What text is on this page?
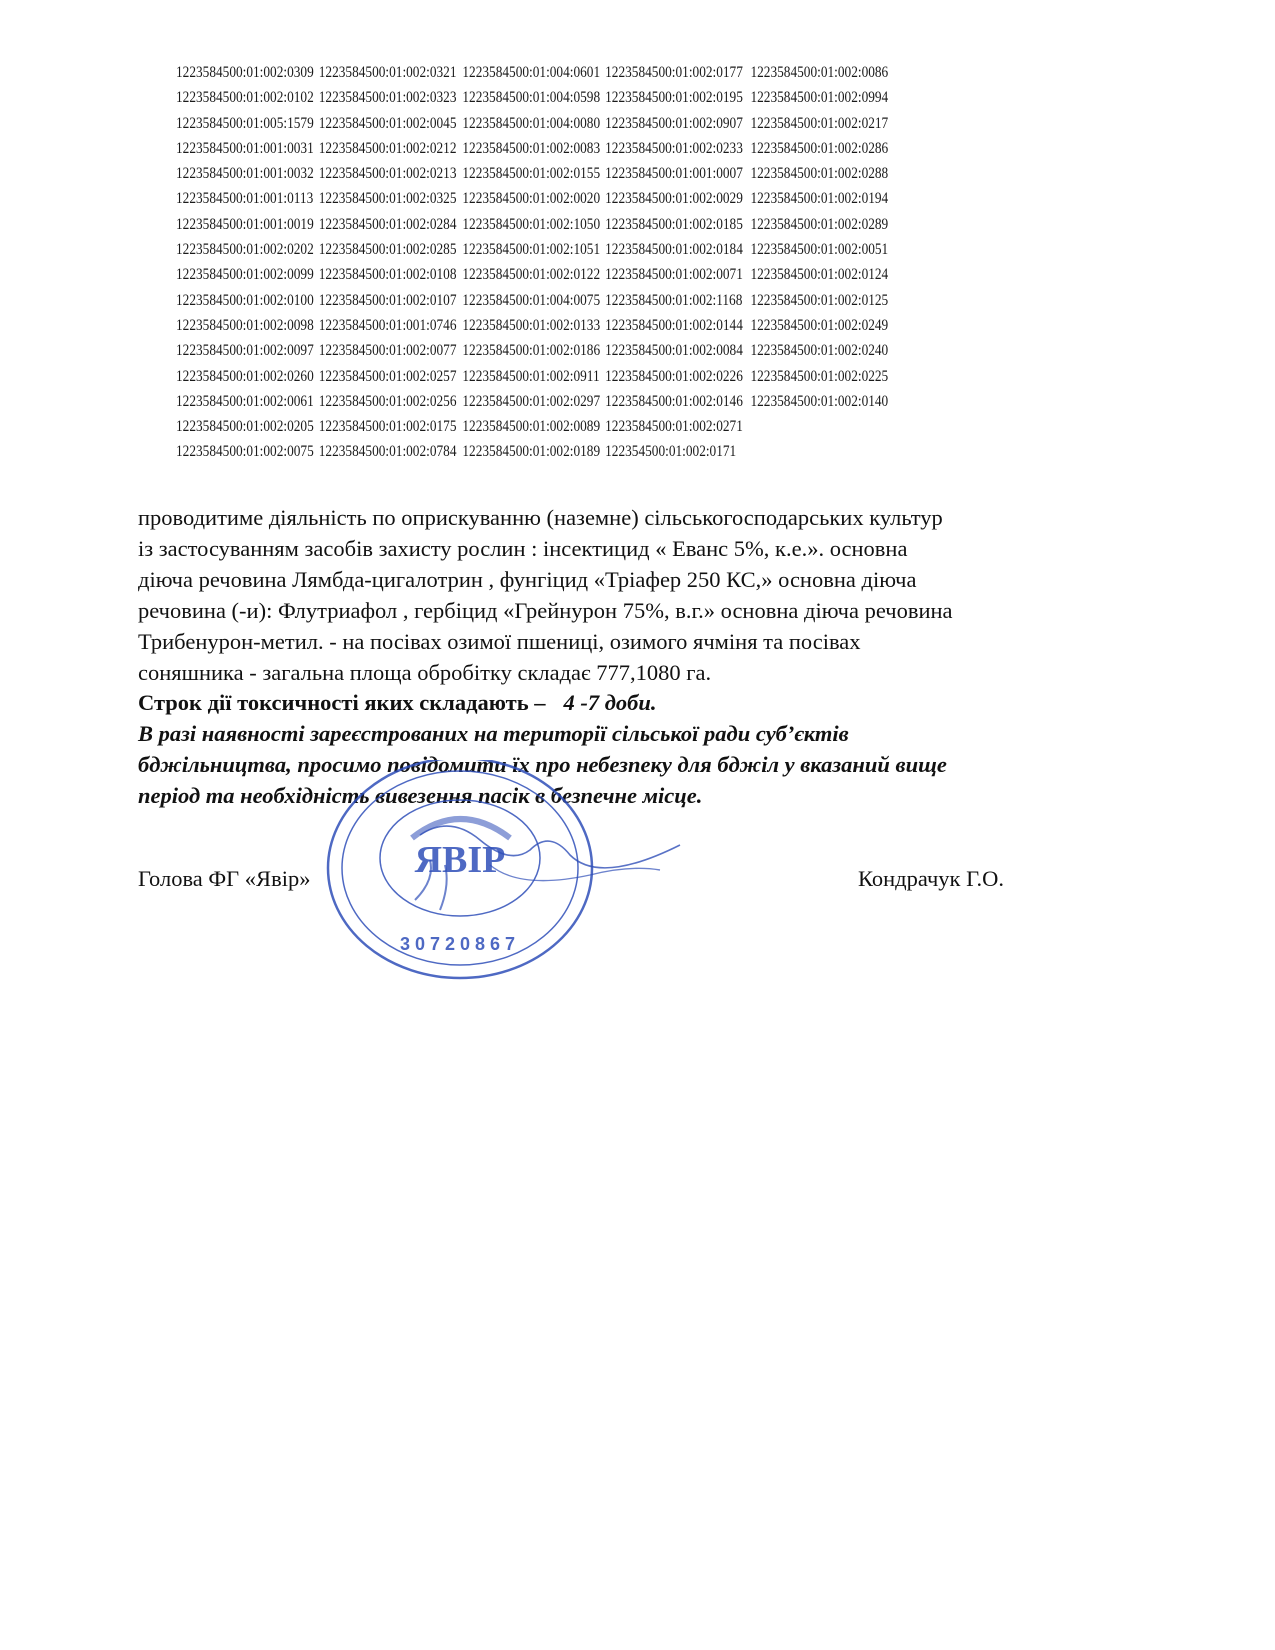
1223584500:01:002:0309
1223584500:01:002:0102
1223584500:01:005:1579
1223584500:01:001:0031
1223584500:01:001:0032
1223584500:01:001:0113
1223584500:01:001:0019
1223584500:01:002:0202
1223584500:01:002:0099
1223584500:01:002:0100
1223584500:01:002:0098
1223584500:01:002:0097
1223584500:01:002:0260
1223584500:01:002:0061
1223584500:01:002:0205
1223584500:01:002:0075
1223584500:01:002:0321
1223584500:01:002:0323
1223584500:01:002:0045
1223584500:01:002:0212
1223584500:01:002:0213
1223584500:01:002:0325
1223584500:01:002:0284
1223584500:01:002:0285
1223584500:01:002:0108
1223584500:01:002:0107
1223584500:01:001:0746
1223584500:01:002:0077
1223584500:01:002:0257
1223584500:01:002:0256
1223584500:01:002:0175
1223584500:01:002:0784
1223584500:01:004:0601
1223584500:01:004:0598
1223584500:01:004:0080
1223584500:01:002:0083
1223584500:01:002:0155
1223584500:01:002:0020
1223584500:01:002:1050
1223584500:01:002:1051
1223584500:01:002:0122
1223584500:01:004:0075
1223584500:01:002:0133
1223584500:01:002:0186
1223584500:01:002:0911
1223584500:01:002:0297
1223584500:01:002:0089
1223584500:01:002:0189
1223584500:01:002:0177
1223584500:01:002:0195
1223584500:01:002:0907
1223584500:01:002:0233
1223584500:01:001:0007
1223584500:01:002:0029
1223584500:01:002:0185
1223584500:01:002:0184
1223584500:01:002:0071
1223584500:01:002:1168
1223584500:01:002:0144
1223584500:01:002:0084
1223584500:01:002:0226
1223584500:01:002:0146
1223584500:01:002:0271
122354500:01:002:0171
1223584500:01:002:0086
1223584500:01:002:0994
1223584500:01:002:0217
1223584500:01:002:0286
1223584500:01:002:0288
1223584500:01:002:0194
1223584500:01:002:0289
1223584500:01:002:0051
1223584500:01:002:0124
1223584500:01:002:0125
1223584500:01:002:0249
1223584500:01:002:0240
1223584500:01:002:0225
1223584500:01:002:0140
проводитиме діяльність по оприскуванню (наземне) сільськогосподарських культур
із застосуванням засобів захисту рослин : інсектицид « Еванс 5%, к.е.». основна
діюча речовина Лямбда-цигалотрин , фунгіцид «Тріафер 250 КС,» основна діюча
речовина (-и): Флутриафол , гербіцид «Грейнурон 75%, в.г.» основна діюча речовина
Трибенурон-метил. - на посівах озимої пшениці, озимого ячміня та посівах
соняшника - загальна площа обробітку складає 777,1080 га.
Строк дії токсичності яких складають – 4 -7 доби.
В разі наявності зареєстрованих на території сільської ради суб’єктів
бджільництва, просимо повідомити їх про небезпеку для бджіл у вказаний вище
період та необхідність вивезення пасік в безпечне місце.
ЯВІР
30720867
Голова ФГ «Явір»	Кондрачук Г.О.
